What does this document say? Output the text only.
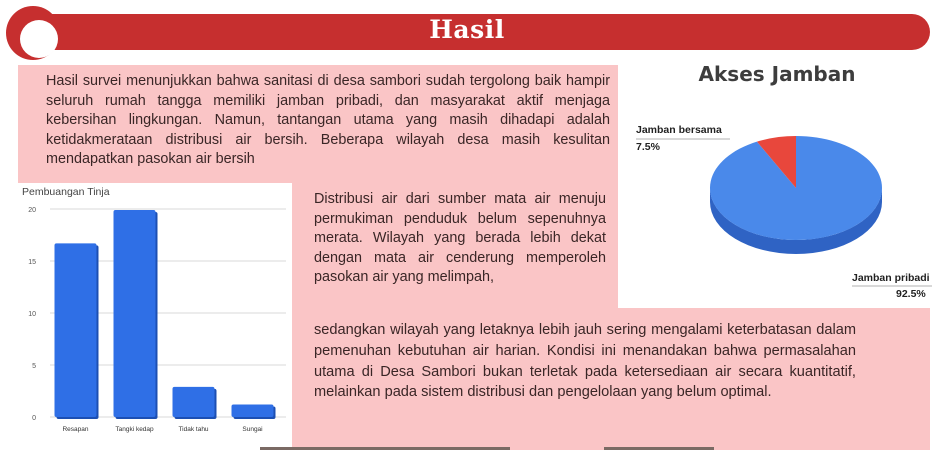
Hasil

Hasil survei menunjukkan bahwa sanitasi di desa sambori sudah tergolong baik hampir seluruh rumah tangga memiliki jamban pribadi, dan masyarakat aktif menjaga kebersihan lingkungan. Namun, tantangan utama yang masih dihadapi adalah ketidakmerataan distribusi air bersih. Beberapa wilayah desa masih kesulitan mendapatkan pasokan air bersih

Distribusi air dari sumber mata air menuju permukiman penduduk belum sepenuhnya merata. Wilayah yang berada lebih dekat dengan mata air cenderung memperoleh pasokan air yang melimpah,

sedangkan wilayah yang letaknya lebih jauh sering mengalami keterbatasan dalam pemenuhan kebutuhan air harian. Kondisi ini menandakan bahwa permasalahan utama di Desa Sambori bukan terletak pada ketersediaan air secara kuantitatif, melainkan pada sistem distribusi dan pengelolaan yang belum optimal.

Pembuangan Tinja
0
5
10
15
20
Resapan	Tangki kedap	Tidak tahu	Sungai
Akses Jamban
Jamban bersama
7.5%
Jamban pribadi
92.5%
